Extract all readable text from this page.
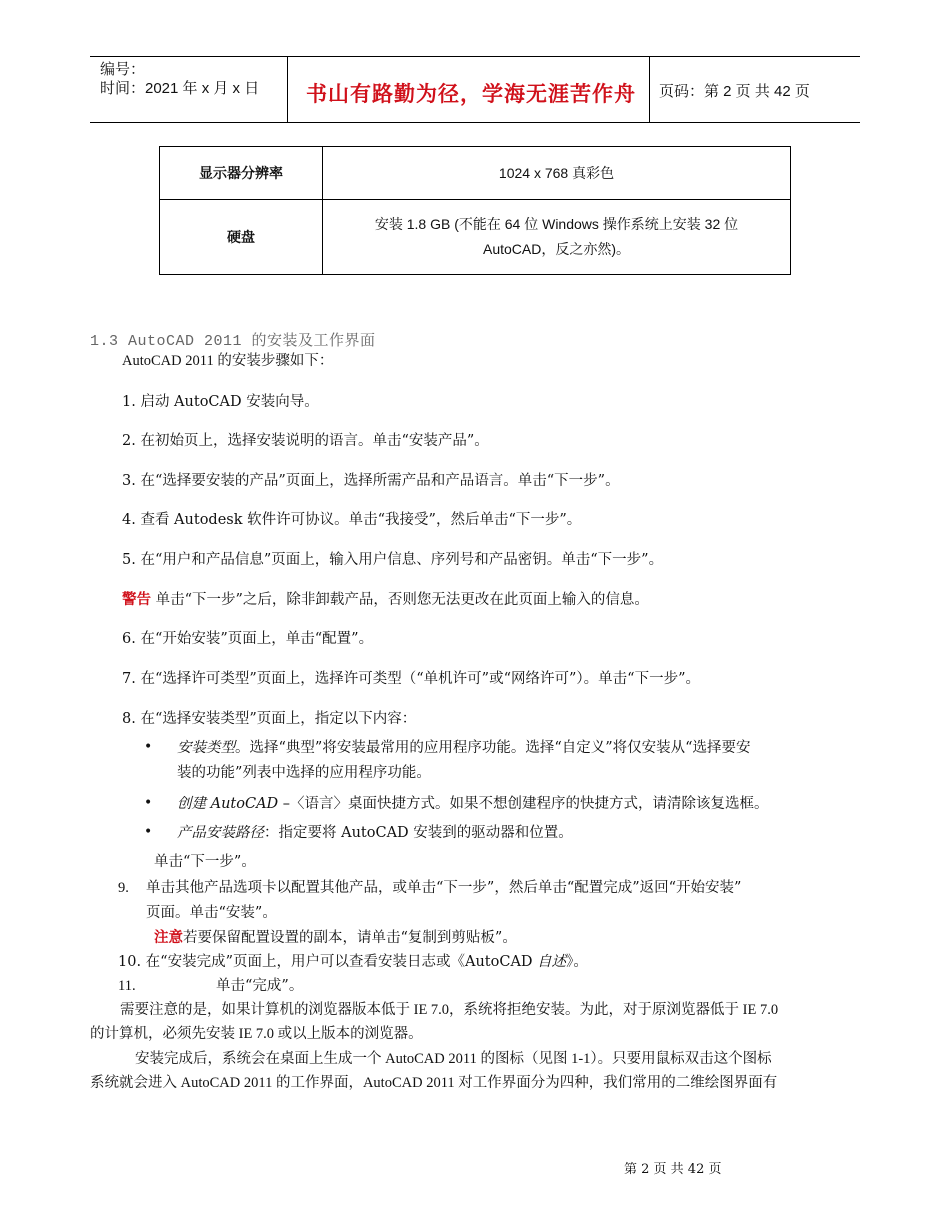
编号：
时间：2021 年 x 月 x 日 书山有路勤为径，学海无涯苦作舟 页码：第 2 页 共 42 页
显示器分辨率	1024 x 768 真彩色
硬盘	安装 1.8 GB (不能在 64 位 Windows 操作系统上安装 32 位
AutoCAD，反之亦然)。
1.3 AutoCAD 2011 的安装及工作界面
AutoCAD 2011 的安装步骤如下：
1. 启动 AutoCAD 安装向导。
2. 在初始页上，选择安装说明的语言。单击“安装产品”。
3. 在“选择要安装的产品”页面上，选择所需产品和产品语言。单击“下一步”。
4. 查看 Autodesk 软件许可协议。单击“我接受”，然后单击“下一步”。
5. 在“用户和产品信息”页面上，输入用户信息、序列号和产品密钥。单击“下一步”。
警告 单击“下一步”之后，除非卸载产品，否则您无法更改在此页面上输入的信息。
6. 在“开始安装”页面上，单击“配置”。
7. 在“选择许可类型”页面上，选择许可类型（“单机许可”或“网络许可”）。单击“下一步”。
8. 在“选择安装类型”页面上，指定以下内容：
• 安装类型。选择“典型”将安装最常用的应用程序功能。选择“自定义”将仅安装从“选择要安
装的功能”列表中选择的应用程序功能。
• 创建 AutoCAD –〈语言〉桌面快捷方式。如果不想创建程序的快捷方式，请清除该复选框。
• 产品安装路径：指定要将 AutoCAD 安装到的驱动器和位置。
单击“下一步”。
9. 单击其他产品选项卡以配置其他产品，或单击“下一步”，然后单击“配置完成”返回“开始安装”
页面。单击“安装”。
注意若要保留配置设置的副本，请单击“复制到剪贴板”。
10. 在“安装完成”页面上，用户可以查看安装日志或《AutoCAD 自述》。
11.	单击“完成”。
需要注意的是，如果计算机的浏览器版本低于 IE 7.0，系统将拒绝安装。为此，对于原浏览器低于 IE 7.0
的计算机，必须先安装 IE 7.0 或以上版本的浏览器。
安装完成后，系统会在桌面上生成一个 AutoCAD 2011 的图标（见图 1-1）。只要用鼠标双击这个图标
系统就会进入 AutoCAD 2011 的工作界面，AutoCAD 2011 对工作界面分为四种，我们常用的二维绘图界面有
第 2 页 共 42 页
